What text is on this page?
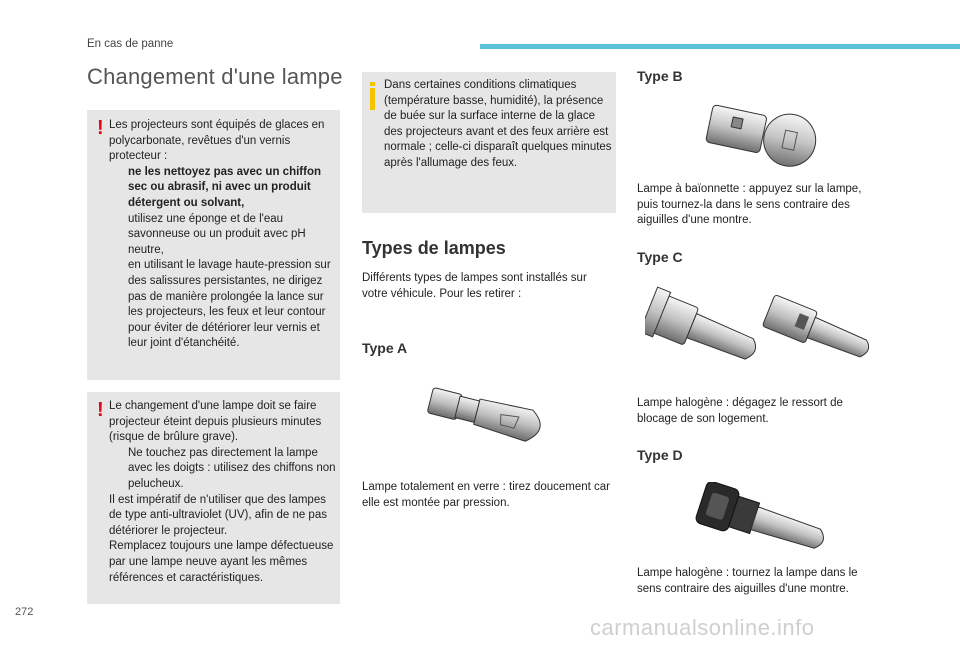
En cas de panne
Changement d'une lampe
! Les projecteurs sont équipés de glaces en polycarbonate, revêtues d'un vernis protecteur :

ne les nettoyez pas avec un chiffon sec ou abrasif, ni avec un produit détergent ou solvant,
utilisez une éponge et de l'eau savonneuse ou un produit avec pH neutre,
en utilisant le lavage haute-pression sur des salissures persistantes, ne dirigez pas de manière prolongée la lance sur les projecteurs, les feux et leur contour pour éviter de détériorer leur vernis et leur joint d'étanchéité.
! Le changement d'une lampe doit se faire projecteur éteint depuis plusieurs minutes (risque de brûlure grave).

Ne touchez pas directement la lampe avec les doigts : utilisez des chiffons non pelucheux.

Il est impératif de n'utiliser que des lampes de type anti-ultraviolet (UV), afin de ne pas détériorer le projecteur.

Remplacez toujours une lampe défectueuse par une lampe neuve ayant les mêmes références et caractéristiques.

Dans certaines conditions climatiques (température basse, humidité), la présence de buée sur la surface interne de la glace des projecteurs avant et des feux arrière est normale ; celle-ci disparaît quelques minutes après l'allumage des feux.
Types de lampes
Différents types de lampes sont installés sur votre véhicule. Pour les retirer :
Type A
Lampe totalement en verre : tirez doucement car elle est montée par pression.
Type B
Lampe à baïonnette : appuyez sur la lampe, puis tournez-la dans le sens contraire des aiguilles d'une montre.
Type C
Lampe halogène : dégagez le ressort de blocage de son logement.
Type D
Lampe halogène : tournez la lampe dans le sens contraire des aiguilles d'une montre.
272
carmanualsonline.info
